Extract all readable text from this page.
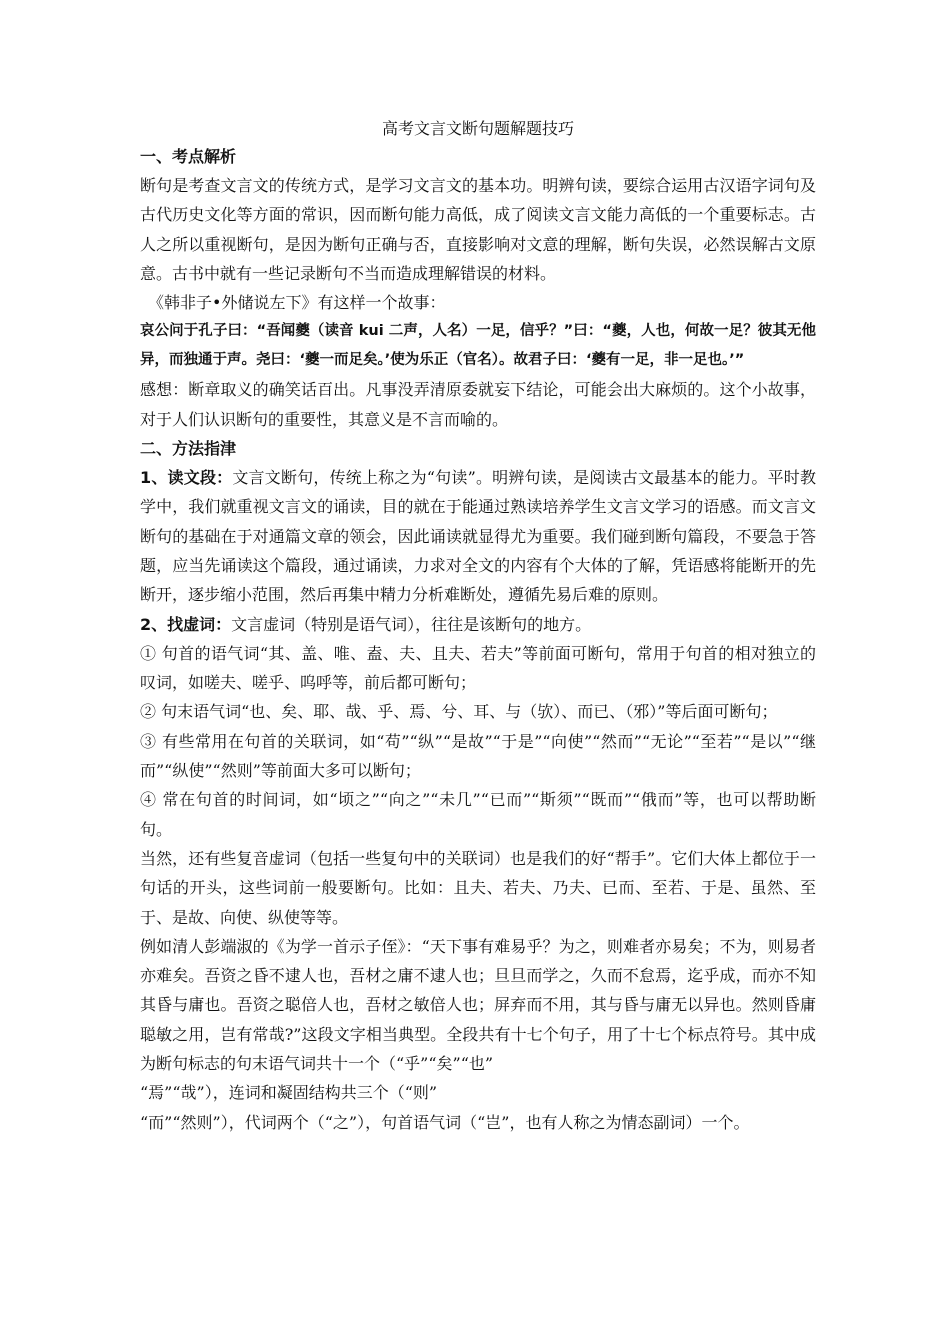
高考文言文断句题解题技巧

一、考点解析

断句是考查文言文的传统方式，是学习文言文的基本功。明辨句读，要综合运用古汉语字词句及古代历史文化等方面的常识，因而断句能力高低，成了阅读文言文能力高低的一个重要标志。古人之所以重视断句，是因为断句正确与否，直接影响对文意的理解，断句失误，必然误解古文原意。古书中就有一些记录断句不当而造成理解错误的材料。

《韩非子•外储说左下》有这样一个故事：

哀公问于孔子曰：“吾闻夔（读音 kui 二声，人名）一足，信乎？”曰：“夔，人也，何故一足？彼其无他异，而独通于声。尧曰：‘夔一而足矣。’使为乐正（官名）。故君子曰：‘夔有一足，非一足也。’”

感想：断章取义的确笑话百出。凡事没弄清原委就妄下结论，可能会出大麻烦的。这个小故事，对于人们认识断句的重要性，其意义是不言而喻的。

二、方法指津

1、读文段：文言文断句，传统上称之为“句读”。明辨句读，是阅读古文最基本的能力。平时教学中，我们就重视文言文的诵读，目的就在于能通过熟读培养学生文言文学习的语感。而文言文断句的基础在于对通篇文章的领会，因此诵读就显得尤为重要。我们碰到断句篇段，不要急于答题，应当先诵读这个篇段，通过诵读，力求对全文的内容有个大体的了解，凭语感将能断开的先断开，逐步缩小范围，然后再集中精力分析难断处，遵循先易后难的原则。

2、找虚词：文言虚词（特别是语气词），往往是该断句的地方。

① 句首的语气词“其、盖、唯、盍、夫、且夫、若夫”等前面可断句，常用于句首的相对独立的叹词，如嗟夫、嗟乎、呜呼等，前后都可断句；

② 句末语气词“也、矣、耶、哉、乎、焉、兮、耳、与（欤）、而已、（邪）”等后面可断句；

③ 有些常用在句首的关联词，如“苟”“纵”“是故”“于是”“向使”“然而”“无论”“至若”“是以”“继而”“纵使”“然则”等前面大多可以断句；

④ 常在句首的时间词，如“顷之”“向之”“未几”“已而”“斯须”“既而”“俄而”等，也可以帮助断句。

当然，还有些复音虚词（包括一些复句中的关联词）也是我们的好“帮手”。它们大体上都位于一句话的开头，这些词前一般要断句。比如：且夫、若夫、乃夫、已而、至若、于是、虽然、至于、是故、向使、纵使等等。

例如清人彭端淑的《为学一首示子侄》：“天下事有难易乎？为之，则难者亦易矣；不为，则易者亦难矣。吾资之昏不逮人也，吾材之庸不逮人也；旦旦而学之，久而不怠焉，迄乎成，而亦不知其昏与庸也。吾资之聪倍人也，吾材之敏倍人也；屏弃而不用，其与昏与庸无以异也。然则昏庸聪敏之用，岂有常哉?”这段文字相当典型。全段共有十七个句子，用了十七个标点符号。其中成为断句标志的句末语气词共十一个（“乎”“矣”“也”

“焉”“哉”），连词和凝固结构共三个（“则”

“而”“然则”），代词两个（“之”），句首语气词（“岂”，也有人称之为情态副词）一个。
